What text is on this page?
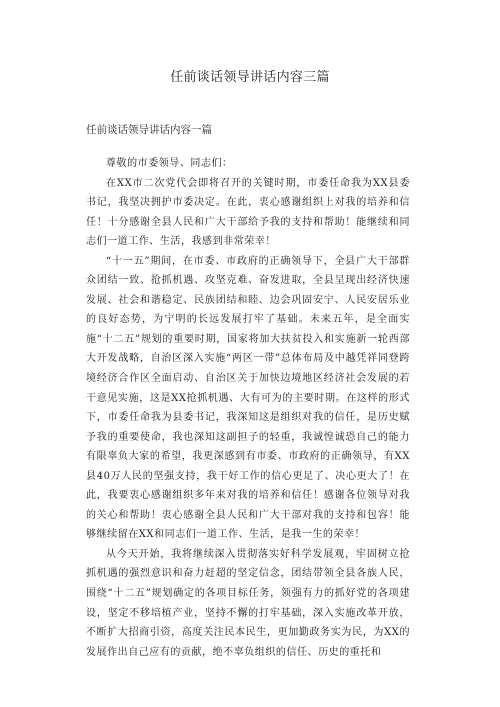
任前谈话领导讲话内容三篇

任前谈话领导讲话内容一篇

尊敬的市委领导、同志们：

在XX市二次党代会即将召开的关键时期，市委任命我为XX县委书记，我坚决拥护市委决定。在此，衷心感谢组织上对我的培养和信任！十分感谢全县人民和广大干部给予我的支持和帮助！能继续和同志们一道工作、生活，我感到非常荣幸！

“十一五”期间，在市委、市政府的正确领导下，全县广大干部群众团结一致、抢抓机遇、攻坚克难、奋发进取，全县呈现出经济快速发展、社会和谐稳定、民族团结和睦、边会巩固安宁、人民安居乐业的良好态势，为宁明的长远发展打牢了基础。未来五年，是全面实施“十二五”规划的重要时期，国家将加大扶贫投入和实施新一轮西部大开发战略，自治区深入实施“两区一带”总体布局及中越凭祥同登跨境经济合作区全面启动、自治区关于加快边境地区经济社会发展的若干意见实施，这是XX抢抓机遇、大有可为的主要时期。在这样的形式下，市委任命我为县委书记，我深知这是组织对我的信任，是历史赋予我的重要使命，我也深知这副担子的轻重，我诚惶诚恐自己的能力有限辜负大家的希望，我更深感到有市委、市政府的正确领导，有XX县40万人民的坚强支持，我干好工作的信心更足了、决心更大了！在此，我要衷心感谢组织多年来对我的培养和信任！感谢各位领导对我的关心和帮助！衷心感谢全县人民和广大干部对我的支持和包容！能够继续留在XX和同志们一道工作、生活，是我一生的荣幸！

从今天开始，我将继续深入贯彻落实好科学发展观，牢固树立抢抓机遇的强烈意识和奋力赶超的坚定信念，团结带领全县各族人民，围绕“十二五”规划确定的各项目标任务，领强有力的抓好党的各项建设，坚定不移培植产业，坚持不懈的打牢基础，深入实施改革开放，不断扩大招商引资，高度关注民本民生，更加勤政务实为民，为XX的发展作出自己应有的贡献，绝不辜负组织的信任、历史的重托和
